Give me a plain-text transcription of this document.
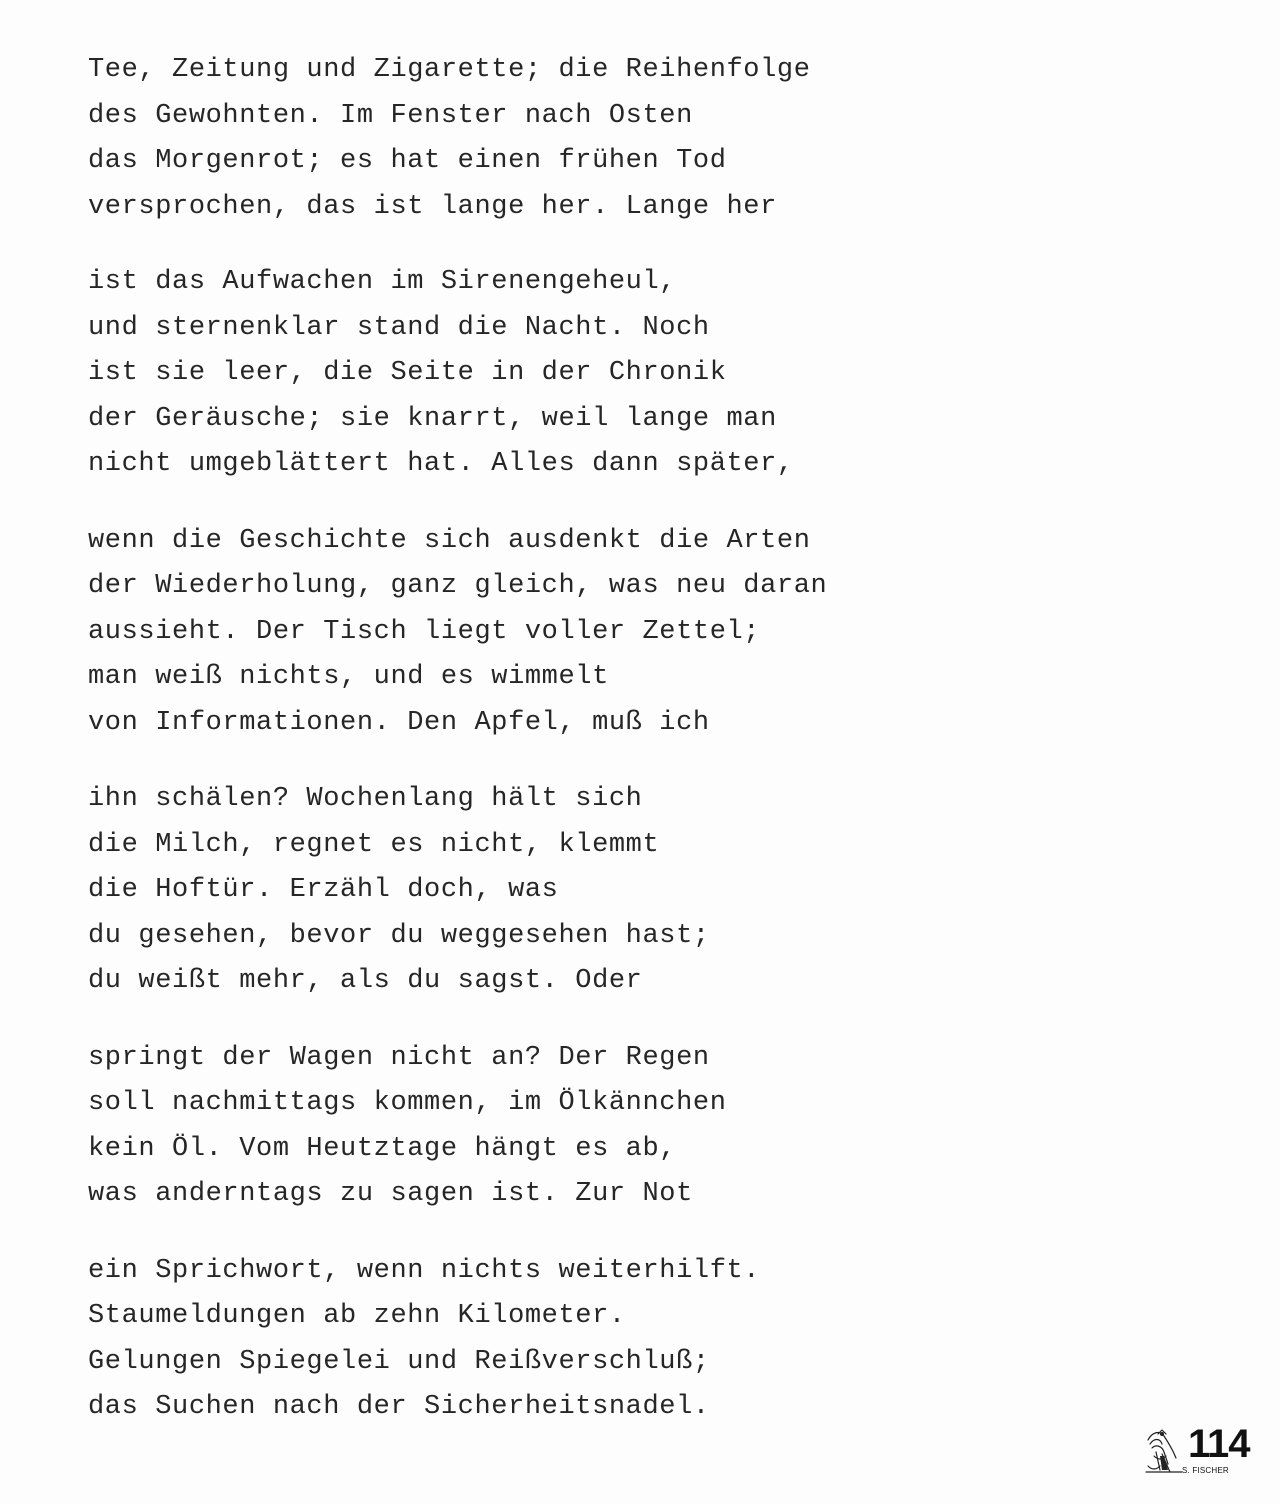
Tee, Zeitung und Zigarette; die Reihenfolge
des Gewohnten. Im Fenster nach Osten
das Morgenrot; es hat einen frühen Tod
versprochen, das ist lange her. Lange her
ist das Aufwachen im Sirenengeheul,
und sternenklar stand die Nacht. Noch
ist sie leer, die Seite in der Chronik
der Geräusche; sie knarrt, weil lange man
nicht umgeblättert hat. Alles dann später,
wenn die Geschichte sich ausdenkt die Arten
der Wiederholung, ganz gleich, was neu daran
aussieht. Der Tisch liegt voller Zettel;
man weiß nichts, und es wimmelt
von Informationen. Den Apfel, muß ich
ihn schälen? Wochenlang hält sich
die Milch, regnet es nicht, klemmt
die Hoftür. Erzähl doch, was
du gesehen, bevor du weggesehen hast;
du weißt mehr, als du sagst. Oder
springt der Wagen nicht an? Der Regen
soll nachmittags kommen, im Ölkännchen
kein Öl. Vom Heutztage hängt es ab,
was anderntags zu sagen ist. Zur Not
ein Sprichwort, wenn nichts weiterhilft.
Staumeldungen ab zehn Kilometer.
Gelungen Spiegelei und Reißverschluß;
das Suchen nach der Sicherheitsnadel.
114
S. FISCHER
